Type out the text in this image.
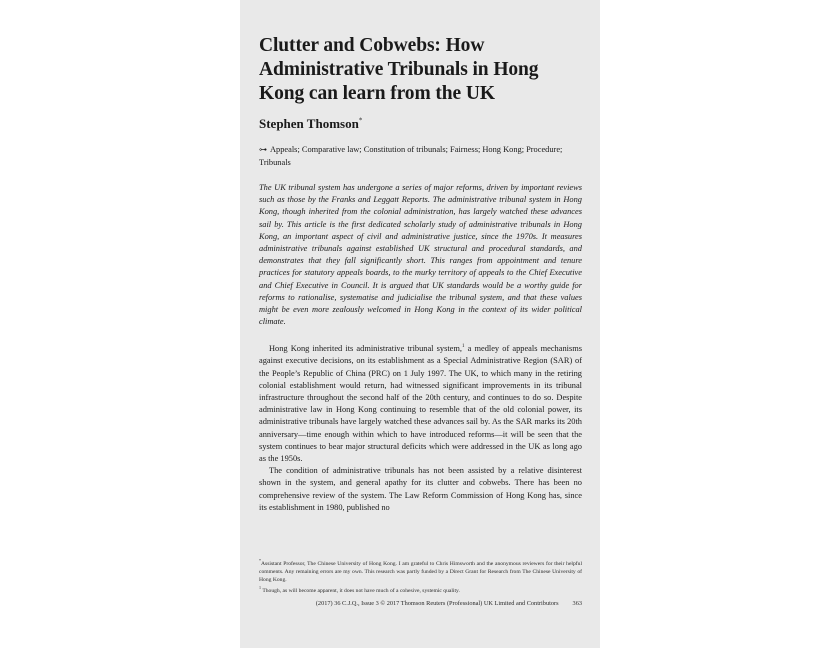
Clutter and Cobwebs: How Administrative Tribunals in Hong Kong can learn from the UK
Stephen Thomson*
⊶ Appeals; Comparative law; Constitution of tribunals; Fairness; Hong Kong; Procedure; Tribunals

The UK tribunal system has undergone a series of major reforms, driven by important reviews such as those by the Franks and Leggatt Reports. The administrative tribunal system in Hong Kong, though inherited from the colonial administration, has largely watched these advances sail by. This article is the first dedicated scholarly study of administrative tribunals in Hong Kong, an important aspect of civil and administrative justice, since the 1970s. It measures administrative tribunals against established UK structural and procedural standards, and demonstrates that they fall significantly short. This ranges from appointment and tenure practices for statutory appeals boards, to the murky territory of appeals to the Chief Executive and Chief Executive in Council. It is argued that UK standards would be a worthy guide for reforms to rationalise, systematise and judicialise the tribunal system, and that these values might be even more zealously welcomed in Hong Kong in the context of its wider political climate.

Hong Kong inherited its administrative tribunal system,$^1$ a medley of appeals mechanisms against executive decisions, on its establishment as a Special Administrative Region (SAR) of the People’s Republic of China (PRC) on 1 July 1997. The UK, to which many in the retiring colonial establishment would return, had witnessed significant improvements in its tribunal infrastructure throughout the second half of the 20th century, and continues to do so. Despite administrative law in Hong Kong continuing to resemble that of the old colonial power, its administrative tribunals have largely watched these advances sail by. As the SAR marks its 20th anniversary—time enough within which to have introduced reforms—it will be seen that the system continues to bear major structural deficits which were addressed in the UK as long ago as the 1950s.

The condition of administrative tribunals has not been assisted by a relative disinterest shown in the system, and general apathy for its clutter and cobwebs. There has been no comprehensive review of the system. The Law Reform Commission of Hong Kong has, since its establishment in 1980, published no

*Assistant Professor, The Chinese University of Hong Kong. I am grateful to Chris Himsworth and the anonymous reviewers for their helpful comments. Any remaining errors are my own. This research was partly funded by a Direct Grant for Research from The Chinese University of Hong Kong.

$^1$ Though, as will become apparent, it does not have much of a cohesive, systemic quality.

(2017) 36 C.J.Q., Issue 3 © 2017 Thomson Reuters (Professional) UK Limited and Contributors 363
